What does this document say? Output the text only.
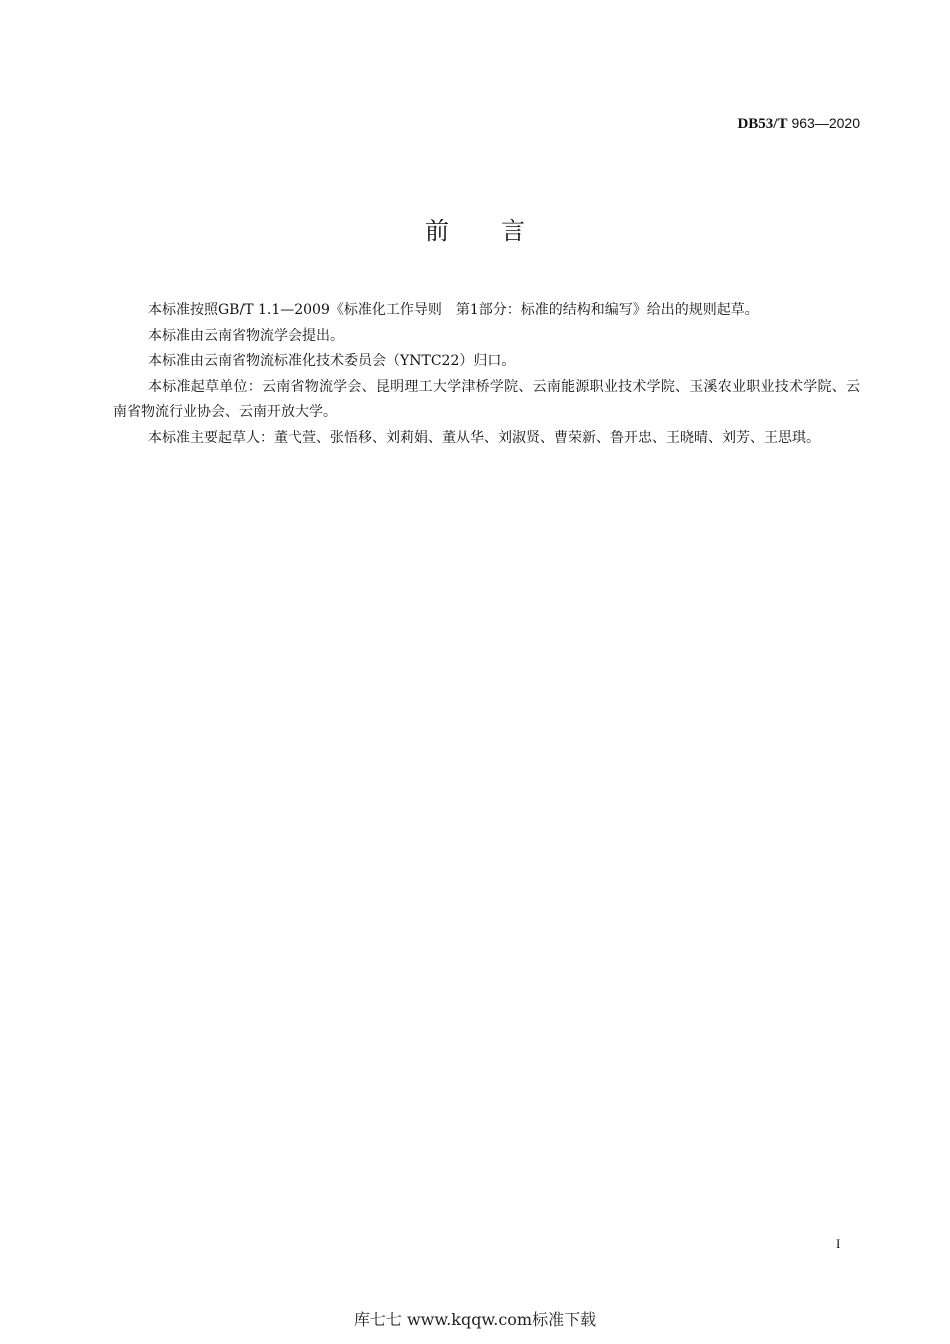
DB53/T 963—2020
前言

本标准按照GB/T 1.1—2009《标准化工作导则　第1部分：标准的结构和编写》给出的规则起草。

本标准由云南省物流学会提出。

本标准由云南省物流标准化技术委员会（YNTC22）归口。

本标准起草单位：云南省物流学会、昆明理工大学津桥学院、云南能源职业技术学院、玉溪农业职业技术学院、云南省物流行业协会、云南开放大学。

本标准主要起草人：董弋萱、张悟移、刘莉娟、董从华、刘淑贤、曹荣新、鲁开忠、王晓晴、刘芳、王思琪。

I
库七七 www.kqqw.com标准下载
